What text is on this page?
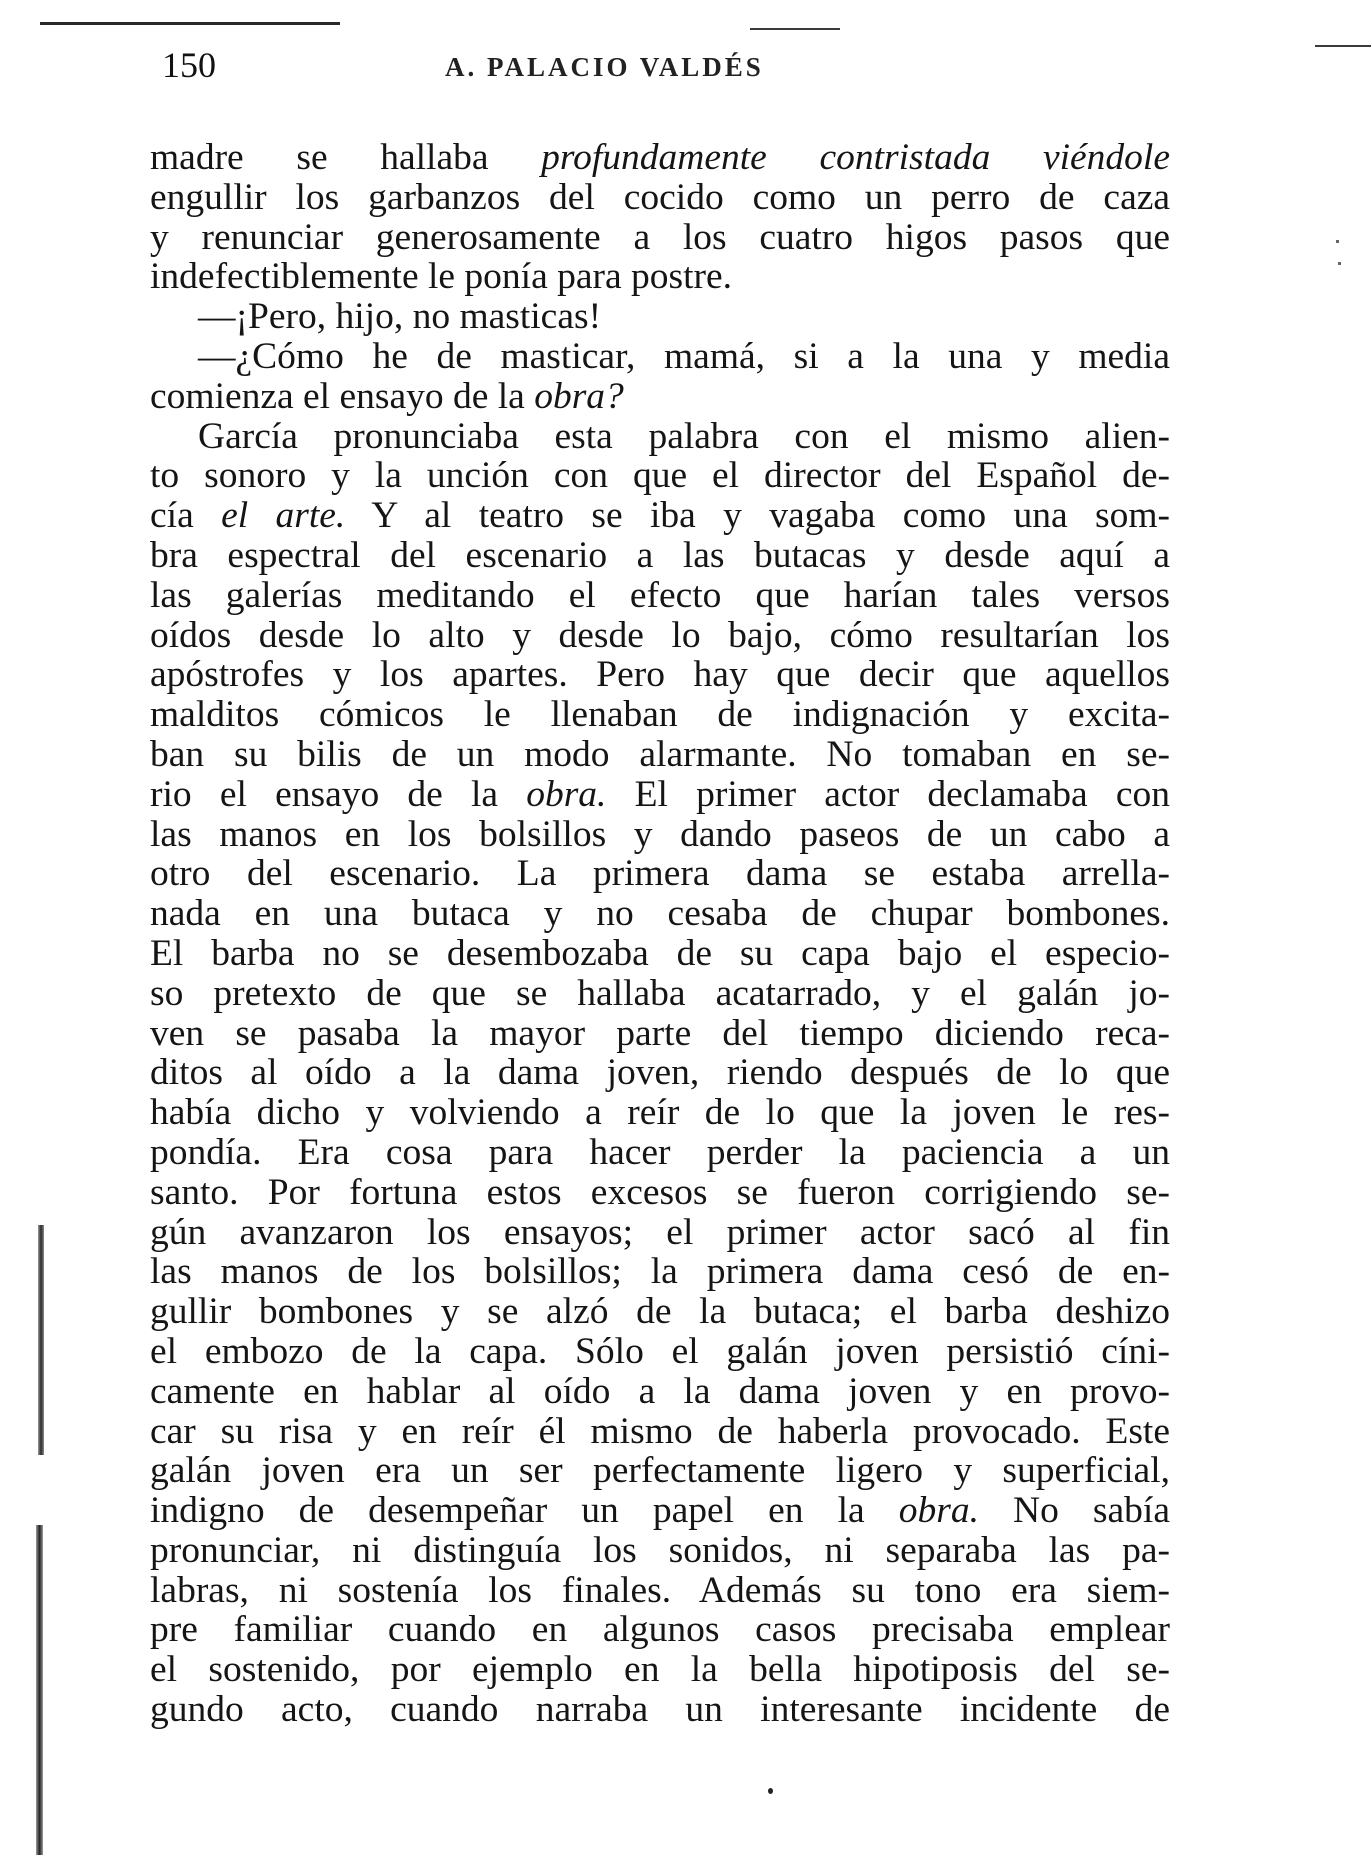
150	A. PALACIO VALDÉS
madre se hallaba profundamente contristada viéndole
engullir los garbanzos del cocido como un perro de caza
y renunciar generosamente a los cuatro higos pasos que
indefectiblemente le ponía para postre.
—¡Pero, hijo, no masticas!
—¿Cómo he de masticar, mamá, si a la una y media
comienza el ensayo de la obra?
García pronunciaba esta palabra con el mismo alien-
to sonoro y la unción con que el director del Español de-
cía el arte. Y al teatro se iba y vagaba como una som-
bra espectral del escenario a las butacas y desde aquí a
las galerías meditando el efecto que harían tales versos
oídos desde lo alto y desde lo bajo, cómo resultarían los
apóstrofes y los apartes. Pero hay que decir que aquellos
malditos cómicos le llenaban de indignación y excita-
ban su bilis de un modo alarmante. No tomaban en se-
rio el ensayo de la obra. El primer actor declamaba con
las manos en los bolsillos y dando paseos de un cabo a
otro del escenario. La primera dama se estaba arrella-
nada en una butaca y no cesaba de chupar bombones.
El barba no se desembozaba de su capa bajo el especio-
so pretexto de que se hallaba acatarrado, y el galán jo-
ven se pasaba la mayor parte del tiempo diciendo reca-
ditos al oído a la dama joven, riendo después de lo que
había dicho y volviendo a reír de lo que la joven le res-
pondía. Era cosa para hacer perder la paciencia a un
santo. Por fortuna estos excesos se fueron corrigiendo se-
gún avanzaron los ensayos; el primer actor sacó al fin
las manos de los bolsillos; la primera dama cesó de en-
gullir bombones y se alzó de la butaca; el barba deshizo
el embozo de la capa. Sólo el galán joven persistió cíni-
camente en hablar al oído a la dama joven y en provo-
car su risa y en reír él mismo de haberla provocado. Este
galán joven era un ser perfectamente ligero y superficial,
indigno de desempeñar un papel en la obra. No sabía
pronunciar, ni distinguía los sonidos, ni separaba las pa-
labras, ni sostenía los finales. Además su tono era siem-
pre familiar cuando en algunos casos precisaba emplear
el sostenido, por ejemplo en la bella hipotiposis del se-
gundo acto, cuando narraba un interesante incidente de
